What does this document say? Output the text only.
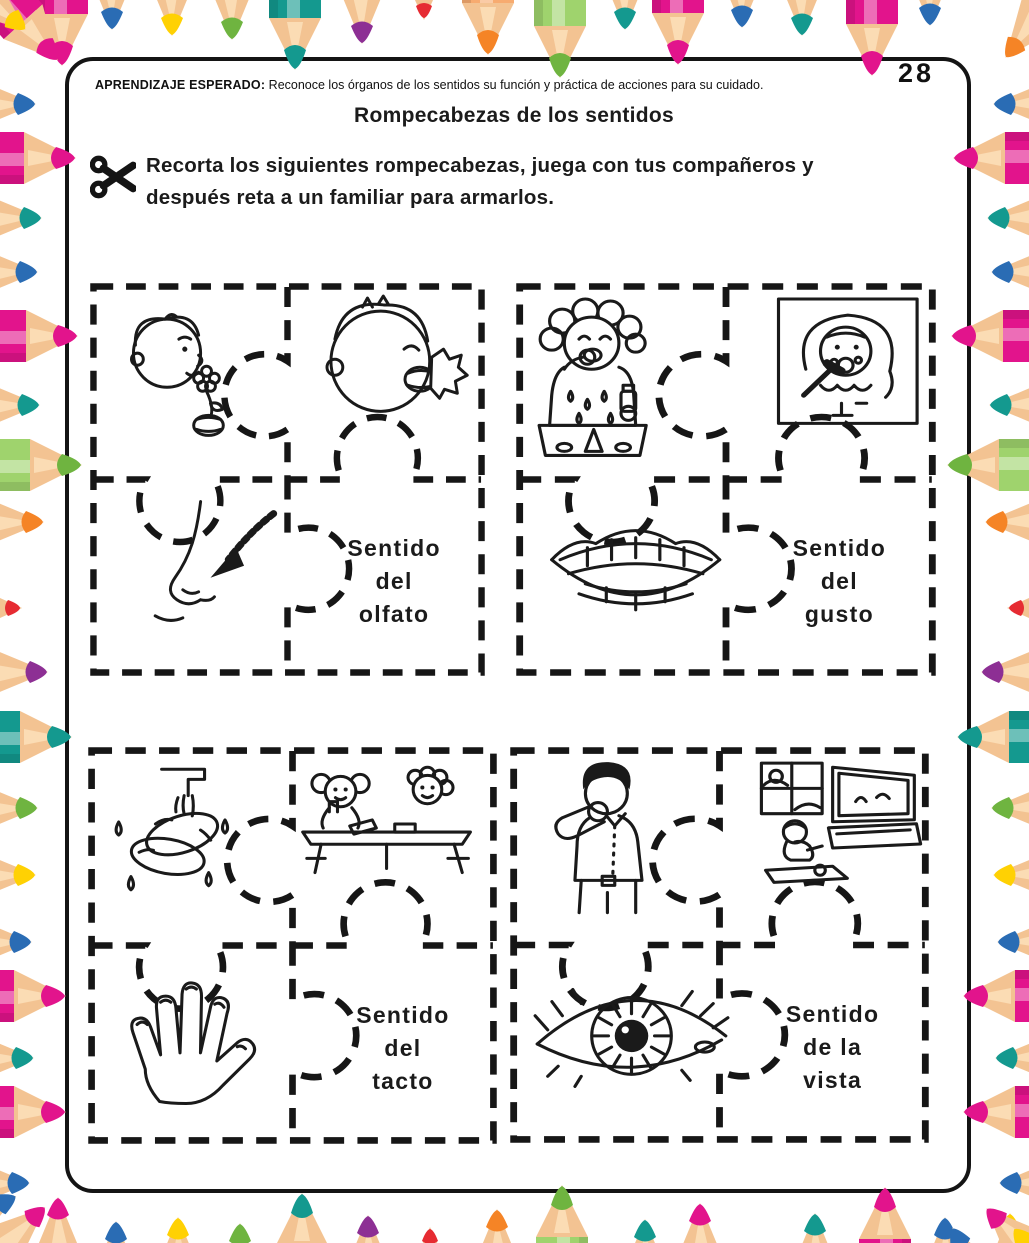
APRENDIZAJE ESPERADO: Reconoce los órganos de los sentidos su función y práctica de acciones para su cuidado.	28
Rompecabezas de los sentidos
Recorta los siguientes rompecabezas, juega con tus compañeros y
después reta a un familiar para armarlos.
Sentido
del
olfato
Sentido
del
gusto
Sentido
del
tacto
Sentido
de la
vista
